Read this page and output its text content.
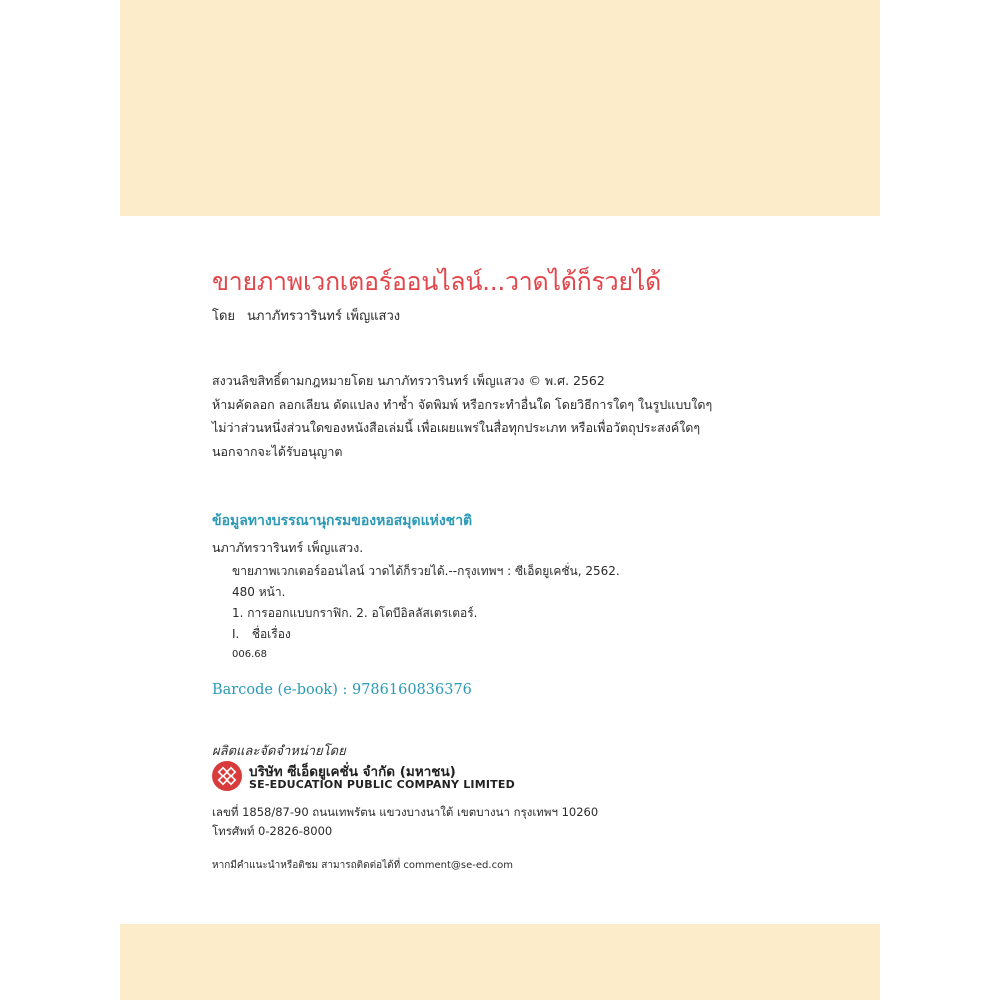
ขายภาพเวกเตอร์ออนไลน์...วาดได้ก็รวยได้
โดย นภาภัทรวารินทร์ เพ็ญแสวง
สงวนลิขสิทธิ์ตามกฎหมายโดย นภาภัทรวารินทร์ เพ็ญแสวง © พ.ศ. 2562
ห้ามคัดลอก ลอกเลียน ดัดแปลง ทำซ้ำ จัดพิมพ์ หรือกระทำอื่นใด โดยวิธีการใดๆ ในรูปแบบใดๆ
ไม่ว่าส่วนหนึ่งส่วนใดของหนังสือเล่มนี้ เพื่อเผยแพร่ในสื่อทุกประเภท หรือเพื่อวัตถุประสงค์ใดๆ
นอกจากจะได้รับอนุญาต
ข้อมูลทางบรรณานุกรมของหอสมุดแห่งชาติ
นภาภัทรวารินทร์ เพ็ญแสวง.
ขายภาพเวกเตอร์ออนไลน์ วาดได้ก็รวยได้.--กรุงเทพฯ : ซีเอ็ดยูเคชั่น, 2562.
480 หน้า.
1. การออกแบบกราฟิก. 2. อโดบีอิลลัสเตรเตอร์.
I. ชื่อเรื่อง
006.68
Barcode (e-book) : 9786160836376
ผลิตและจัดจำหน่ายโดย
บริษัท ซีเอ็ดยูเคชั่น จำกัด (มหาชน)
SE-EDUCATION PUBLIC COMPANY LIMITED
เลขที่ 1858/87-90 ถนนเทพรัตน แขวงบางนาใต้ เขตบางนา กรุงเทพฯ 10260
โทรศัพท์ 0-2826-8000
หากมีคำแนะนำหรือติชม สามารถติดต่อได้ที่ comment@se-ed.com
